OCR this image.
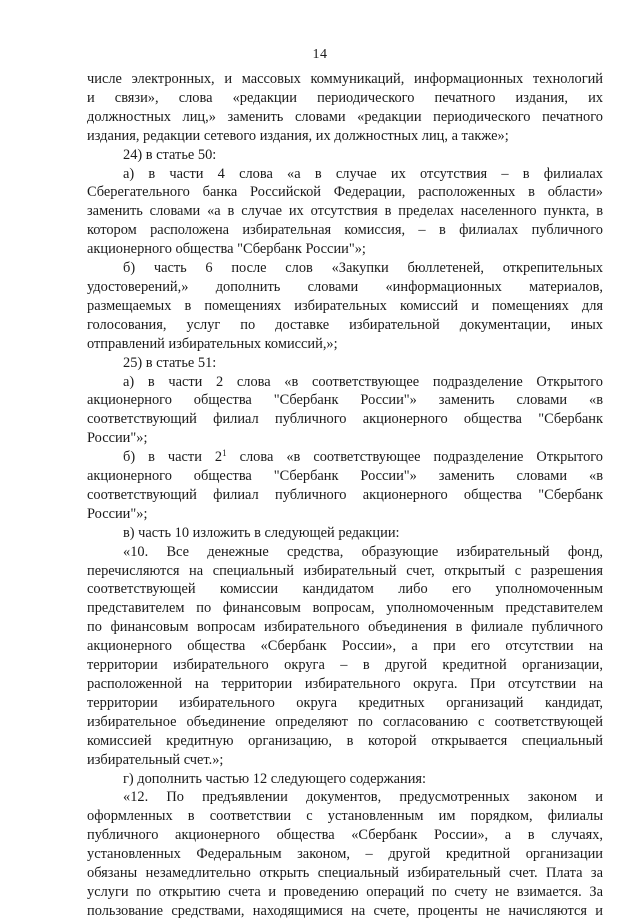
14
числе электронных, и массовых коммуникаций, информационных технологий
и связи», слова «редакции периодического печатного издания, их
должностных лиц,» заменить словами «редакции периодического печатного
издания, редакции сетевого издания, их должностных лиц, а также»;
24) в статье 50:
а) в части 4 слова «а в случае их отсутствия – в филиалах
Сберегательного банка Российской Федерации, расположенных в области»
заменить словами «а в случае их отсутствия в пределах населенного пункта, в
котором расположена избирательная комиссия, – в филиалах публичного
акционерного общества "Сбербанк России"»;
б) часть 6 после слов «Закупки бюллетеней, открепительных
удостоверений,» дополнить словами «информационных материалов,
размещаемых в помещениях избирательных комиссий и помещениях для
голосования, услуг по доставке избирательной документации, иных
отправлений избирательных комиссий,»;
25) в статье 51:
а) в части 2 слова «в соответствующее подразделение Открытого
акционерного общества "Сбербанк России"» заменить словами «в
соответствующий филиал публичного акционерного общества "Сбербанк
России"»;
б) в части $2^1$ слова «в соответствующее подразделение Открытого
акционерного общества "Сбербанк России"» заменить словами «в
соответствующий филиал публичного акционерного общества "Сбербанк
России"»;
в) часть 10 изложить в следующей редакции:
«10. Все денежные средства, образующие избирательный фонд,
перечисляются на специальный избирательный счет, открытый с разрешения
соответствующей комиссии кандидатом либо его уполномоченным
представителем по финансовым вопросам, уполномоченным представителем
по финансовым вопросам избирательного объединения в филиале публичного
акционерного общества «Сбербанк России», а при его отсутствии на
территории избирательного округа – в другой кредитной организации,
расположенной на территории избирательного округа. При отсутствии на
территории избирательного округа кредитных организаций кандидат,
избирательное объединение определяют по согласованию с соответствующей
комиссией кредитную организацию, в которой открывается специальный
избирательный счет.»;
г) дополнить частью 12 следующего содержания:
«12. По предъявлении документов, предусмотренных законом и
оформленных в соответствии с установленным им порядком, филиалы
публичного акционерного общества «Сбербанк России», а в случаях,
установленных Федеральным законом, – другой кредитной организации
обязаны незамедлительно открыть специальный избирательный счет. Плата за
услуги по открытию счета и проведению операций по счету не взимается. За
пользование средствами, находящимися на счете, проценты не начисляются и
